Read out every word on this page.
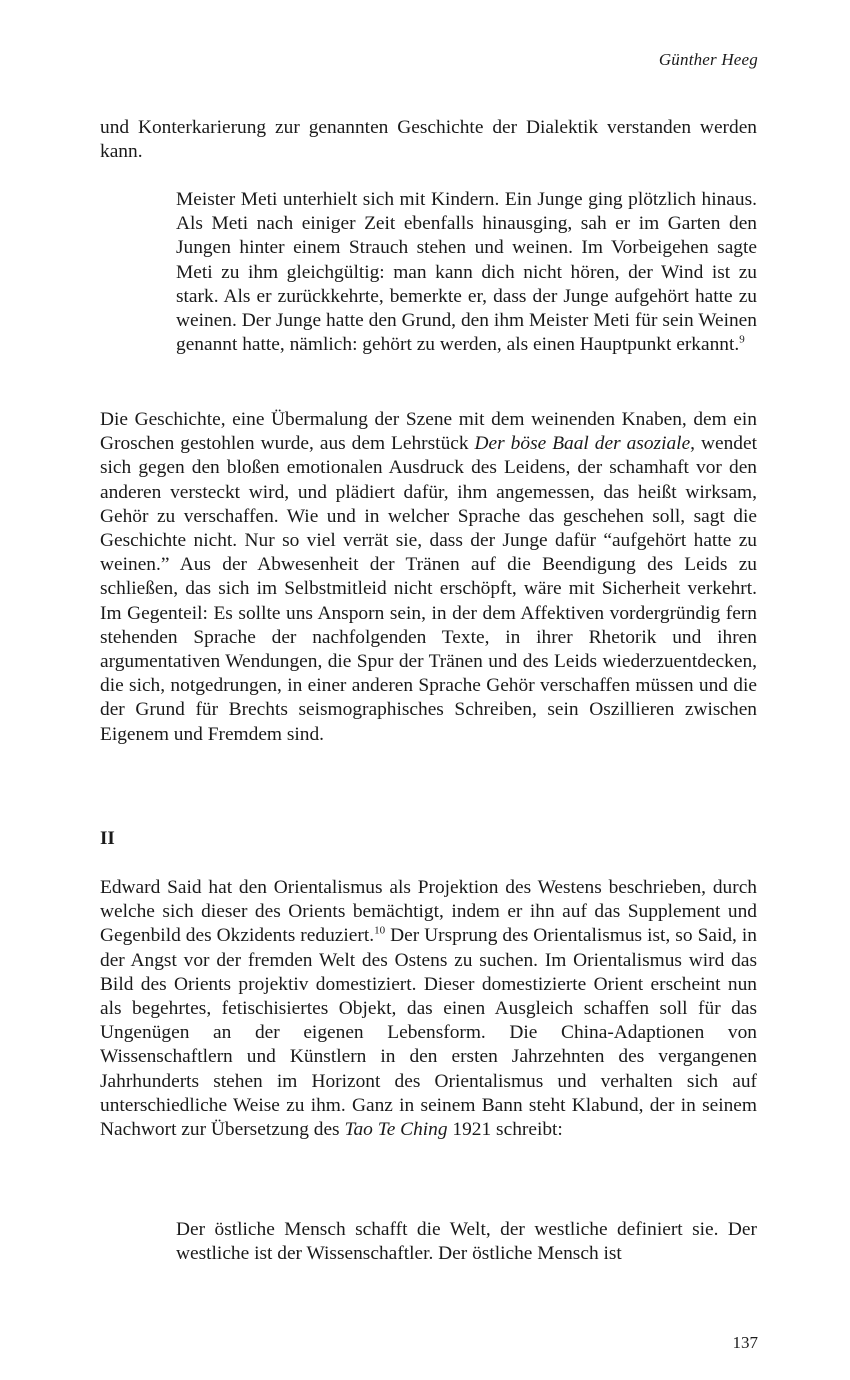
Günther Heeg

und Konterkarierung zur genannten Geschichte der Dialektik verstanden werden kann.

Meister Meti unterhielt sich mit Kindern. Ein Junge ging plötzlich hinaus. Als Meti nach einiger Zeit ebenfalls hinausging, sah er im Garten den Jungen hinter einem Strauch stehen und weinen. Im Vorbeigehen sagte Meti zu ihm gleichgültig: man kann dich nicht hören, der Wind ist zu stark. Als er zurückkehrte, bemerkte er, dass der Junge aufgehört hatte zu weinen. Der Junge hatte den Grund, den ihm Meister Meti für sein Weinen genannt hatte, nämlich: gehört zu werden, als einen Hauptpunkt erkannt.$^9$

Die Geschichte, eine Übermalung der Szene mit dem weinenden Knaben, dem ein Groschen gestohlen wurde, aus dem Lehrstück Der böse Baal der asoziale, wendet sich gegen den bloßen emotionalen Ausdruck des Leidens, der schamhaft vor den anderen versteckt wird, und plädiert dafür, ihm angemessen, das heißt wirksam, Gehör zu verschaffen. Wie und in welcher Sprache das geschehen soll, sagt die Geschichte nicht. Nur so viel verrät sie, dass der Junge dafür “aufgehört hatte zu weinen.” Aus der Abwesenheit der Tränen auf die Beendigung des Leids zu schließen, das sich im Selbstmitleid nicht erschöpft, wäre mit Sicherheit verkehrt. Im Gegenteil: Es sollte uns Ansporn sein, in der dem Affektiven vordergründig fern stehenden Sprache der nachfolgenden Texte, in ihrer Rhetorik und ihren argumentativen Wendungen, die Spur der Tränen und des Leids wiederzuentdecken, die sich, notgedrungen, in einer anderen Sprache Gehör verschaffen müssen und die der Grund für Brechts seismographisches Schreiben, sein Oszillieren zwischen Eigenem und Fremdem sind.

II

Edward Said hat den Orientalismus als Projektion des Westens beschrieben, durch welche sich dieser des Orients bemächtigt, indem er ihn auf das Supplement und Gegenbild des Okzidents reduziert.$^{10}$ Der Ursprung des Orientalismus ist, so Said, in der Angst vor der fremden Welt des Ostens zu suchen. Im Orientalismus wird das Bild des Orients projektiv domestiziert. Dieser domestizierte Orient erscheint nun als begehrtes, fetischisiertes Objekt, das einen Ausgleich schaffen soll für das Ungenügen an der eigenen Lebensform. Die China-Adaptionen von Wissenschaftlern und Künstlern in den ersten Jahrzehnten des vergangenen Jahrhunderts stehen im Horizont des Orientalismus und verhalten sich auf unterschiedliche Weise zu ihm. Ganz in seinem Bann steht Klabund, der in seinem Nachwort zur Übersetzung des Tao Te Ching 1921 schreibt:

Der östliche Mensch schafft die Welt, der westliche definiert sie. Der westliche ist der Wissenschaftler. Der östliche Mensch ist

137
